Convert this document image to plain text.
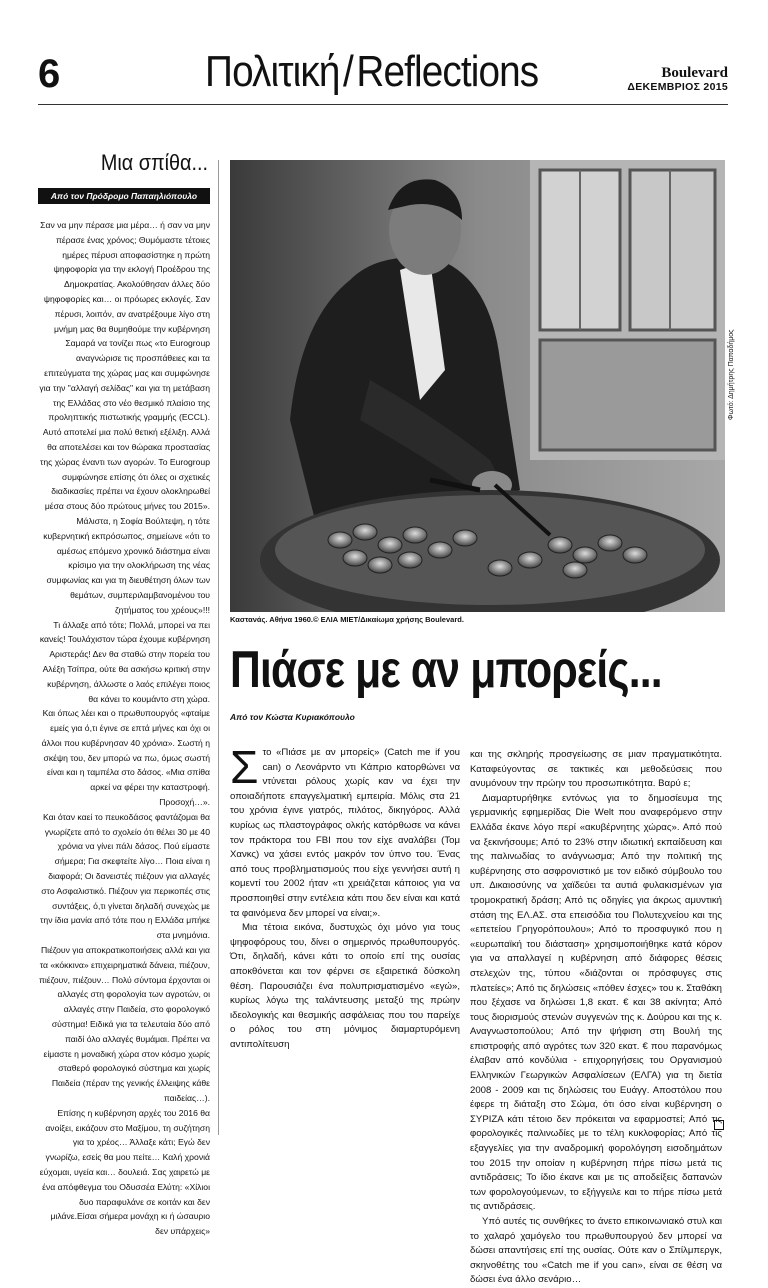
6	Πολιτική/Reflections	Boulevard
ΔΕΚΕΜΒΡΙΟΣ 2015
Μια σπίθα...
Από τον Πρόδρομο Παπαηλιόπουλο

Σαν να μην πέρασε μια μέρα… ή σαν να μην πέρασε ένας χρόνος; Θυμόμαστε τέτοιες ημέρες πέρυσι αποφασίστηκε η πρώτη ψηφοφορία για την εκλογή Προέδρου της Δημοκρατίας. Ακολούθησαν άλλες δύο ψηφοφορίες και… οι πρόωρες εκλογές. Σαν πέρυσι, λοιπόν, αν ανατρέξουμε λίγο στη μνήμη μας θα θυμηθούμε την κυβέρνηση Σαμαρά να τονίζει πως «το Eurogroup αναγνώρισε τις προσπάθειες και τα επιτεύγματα της χώρας μας και συμφώνησε για την "αλλαγή σελίδας" και για τη μετάβαση της Ελλάδας στο νέο θεσμικό πλαίσιο της προληπτικής πιστωτικής γραμμής (ECCL). Αυτό αποτελεί μια πολύ θετική εξέλιξη. Αλλά θα αποτελέσει και τον θώρακα προστασίας της χώρας έναντι των αγορών. Το Eurogroup συμφώνησε επίσης ότι όλες οι σχετικές διαδικασίες πρέπει να έχουν ολοκληρωθεί μέσα στους δύο πρώτους μήνες του 2015».

Μάλιστα, η Σοφία Βούλτεψη, η τότε κυβερνητική εκπρόσωπος, σημείωνε «ότι το αμέσως επόμενο χρονικό διάστημα είναι κρίσιμο για την ολοκλήρωση της νέας συμφωνίας και για τη διευθέτηση όλων των θεμάτων, συμπεριλαμβανομένου του ζητήματος του χρέους»!!!

Τι άλλαξε από τότε; Πολλά, μπορεί να πει κανείς! Τουλάχιστον τώρα έχουμε κυβέρνηση Αριστεράς! Δεν θα σταθώ στην πορεία του Αλέξη Τσίπρα, ούτε θα ασκήσω κριτική στην κυβέρνηση, άλλωστε ο λαός επιλέγει ποιος θα κάνει το κουμάντο στη χώρα.

Και όπως λέει και ο πρωθυπουργός «φταίμε εμείς για ό,τι έγινε σε επτά μήνες και όχι οι άλλοι που κυβέρνησαν 40 χρόνια». Σωστή η σκέψη του, δεν μπορώ να πω, όμως σωστή είναι και η ταμπέλα στο δάσος. «Μια σπίθα αρκεί να φέρει την καταστροφή. Προσοχή…».

Και όταν καεί το πευκοδάσος φαντάζομαι θα γνωρίζετε από το σχολείο ότι θέλει 30 με 40 χρόνια να γίνει πάλι δάσος. Πού είμαστε σήμερα; Για σκεφτείτε λίγο… Ποια είναι η διαφορά; Οι δανειστές πιέζουν για αλλαγές στο Ασφαλιστικό. Πιέζουν για περικοπές στις συντάξεις, ό,τι γίνεται δηλαδή συνεχώς με την ίδια μανία από τότε που η Ελλάδα μπήκε στα μνημόνια.

Πιέζουν για αποκρατικοποιήσεις αλλά και για τα «κόκκινα» επιχειρηματικά δάνεια, πιέζουν, πιέζουν, πιέζουν… Πολύ σύντομα έρχονται οι αλλαγές στη φορολογία των αγροτών, οι αλλαγές στην Παιδεία, στο φορολογικό σύστημα! Ειδικά για τα τελευταία δύο από παιδί όλο αλλαγές θυμάμαι. Πρέπει να είμαστε η μοναδική χώρα στον κόσμο χωρίς σταθερό φορολογικό σύστημα και χωρίς Παιδεία (πέραν της γενικής έλλειψης κάθε παιδείας…).

Επίσης η κυβέρνηση αρχές του 2016 θα ανοίξει, εικάζουν στο Μαξίμου, τη συζήτηση για το χρέος… Άλλαξε κάτι; Εγώ δεν γνωρίζω, εσείς θα μου πείτε… Καλή χρονιά εύχομαι, υγεία και… δουλειά. Σας χαιρετώ με ένα απόφθεγμα του Οδυσσέα Ελύτη: «Χίλιοι δυο παραφυλάνε σε κοιτάν και δεν μιλάνε.Είσαι σήμερα μονάχη κι ή ώσαυριο δεν υπάρχεις»

Φωτό: Δημήτρης Παπαδήμος
Καστανάς. Αθήνα 1960.© ΕΛΙΑ ΜΙΕΤ/Δικαίωμα χρήσης Boulevard.
Πιάσε με αν μπορείς...
Από τον Κώστα Κυριακόπουλο
Σ το «Πιάσε με αν μπορείς» (Catch me if you can) ο Λεονάρντο ντι Κάπριο κατορθώνει να ντύνεται ρόλους χωρίς καν να έχει την οποιαδήποτε επαγγελματική εμπειρία. Μόλις στα 21 του χρόνια έγινε γιατρός, πιλότος, δικηγόρος. Αλλά κυρίως ως πλαστογράφος ολκής κατόρθωσε να κάνει τον πράκτορα του FBI που τον είχε αναλάβει (Τομ Χανκς) να χάσει εντός μακρόν τον ύπνο του. Ένας από τους προβληματισμούς που είχε γεννήσει αυτή η κομεντί του 2002 ήταν «τι χρειάζεται κάποιος για να προσποιηθεί στην εντέλεια κάτι που δεν είναι και κατά τα φαινόμενα δεν μπορεί να είναι;».

Μια τέτοια εικόνα, δυστυχώς όχι μόνο για τους ψηφοφόρους του, δίνει ο σημερινός πρωθυπουργός. Ότι, δηλαδή, κάνει κάτι το οποίο επί της ουσίας αποκθόνεται και τον φέρνει σε εξαιρετικά δύσκολη θέση. Παρουσιάζει ένα πολυπρισματισμένο «εγώ», κυρίως λόγω της ταλάντευσης μεταξύ της πρώην ιδεολογικής και θεσμικής ασφάλειας που του παρείχε ο ρόλος του στη μόνιμος διαμαρτυρόμενη αντιπολίτευση

και της σκληρής προσγείωσης σε μιαν πραγματικότητα. Καταφεύγοντας σε τακτικές και μεθοδεύσεις που ανυμόνουν την πρώην του προσωπικότητα. Βαρύ ε;

Διαμαρτυρήθηκε εντόνως για το δημοσίευμα της γερμανικής εφημερίδας Die Welt που αναφερόμενο στην Ελλάδα έκανε λόγο περί «ακυβέρνητης χώρας». Από πού να ξεκινήσουμε; Από το 23% στην ιδιωτική εκπαίδευση και της παλινωδίας το ανάγνωσμα; Από την πολιτική της κυβέρνησης στο ασφρονιστικό με τον ειδικό σύμβουλο του υπ. Δικαιοσύνης να χαϊδεύει τα αυτιά φυλακισμένων για τρομοκρατική δράση; Από τις οδηγίες για άκρως αμυντική στάση της ΕΛ.ΑΣ. στα επεισόδια του Πολυτεχνείου και της «επετείου Γρηγορόπουλου»; Από το προσφυγικό που η «ευρωπαϊκή του διάσταση» χρησιμοποιήθηκε κατά κόρον για να απαλλαγεί η κυβέρνηση από διάφορες θέσεις στελεχών της, τύπου «διάζονται οι πρόσφυγες στις πλατείες»; Από τις δηλώσεις «πόθεν έσχες» του κ. Σταθάκη που ξέχασε να δηλώσει 1,8 εκατ. € και 38 ακίνητα; Από τους διορισμούς στενών συγγενών της κ. Δούρου και της κ. Αναγνωστοπούλου; Από την ψήφιση στη Βουλή της επιστροφής από αγρότες των 320 εκατ. € που παρανόμως έλαβαν από κονδύλια - επιχορηγήσεις του Οργανισμού Ελληνικών Γεωργικών Ασφαλίσεων (ΕΛΓΑ) για τη διετία 2008 - 2009 και τις δηλώσεις του Ευάγγ. Αποστόλου που έφερε τη διάταξη στο Σώμα, ότι όσο είναι κυβέρνηση ο ΣΥΡΙΖΑ κάτι τέτοιο δεν πρόκειται να εφαρμοστεί; Από τις φορολογικές παλινωδίες με το τέλη κυκλοφορίας; Από τις εξαγγελίες για την αναδρομική φορολόγηση εισοδημάτων του 2015 την οποίαν η κυβέρνηση πήρε πίσω μετά τις αντιδράσεις; Το ίδιο έκανε και με τις αποδείξεις δαπανών των φορολογούμενων, το εξήγγειλε και το πήρε πίσω μετά τις αντιδράσεις.

Υπό αυτές τις συνθήκες το άνετο επικοινωνιακό στυλ και το χαλαρό χαμόγελο του πρωθυπουργού δεν μπορεί να δώσει απαντήσεις επί της ουσίας. Ούτε καν ο Σπίλμπεργκ, σκηνοθέτης του «Catch me if you can», είναι σε θέση να δώσει ένα άλλο σενάριο…
